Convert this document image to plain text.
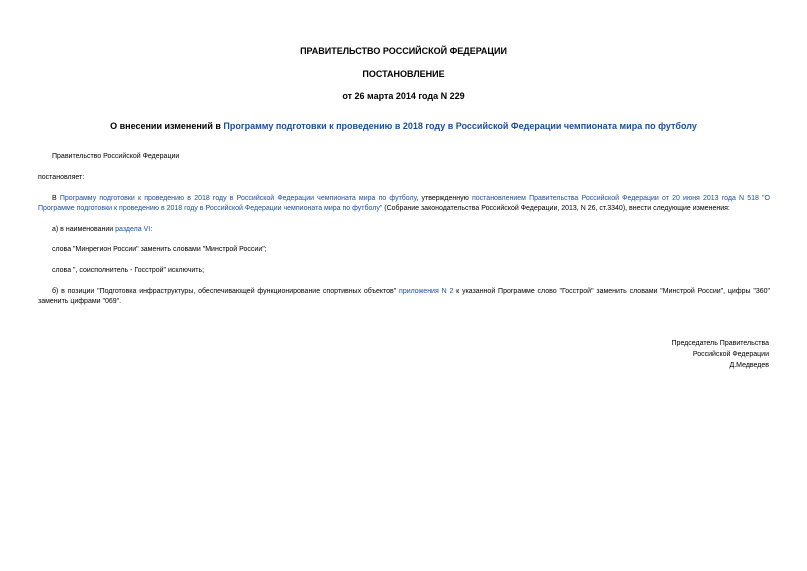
ПРАВИТЕЛЬСТВО РОССИЙСКОЙ ФЕДЕРАЦИИ
ПОСТАНОВЛЕНИЕ
от 26 марта 2014 года N 229
О внесении изменений в Программу подготовки к проведению в 2018 году в Российской Федерации чемпионата мира по футболу
Правительство Российской Федерации
постановляет:
В Программу подготовки к проведению в 2018 году в Российской Федерации чемпионата мира по футболу, утвержденную постановлением Правительства Российской Федерации от 20 июня 2013 года N 518 "О Программе подготовки к проведению в 2018 году в Российской Федерации чемпионата мира по футболу" (Собрание законодательства Российской Федерации, 2013, N 26, ст.3340), внести следующие изменения:
а) в наименовании раздела VI:
слова "Минрегион России" заменить словами "Минстрой России";
слова ", соисполнитель - Госстрой" исключить;
б) в позиции "Подготовка инфраструктуры, обеспечивающей функционирование спортивных объектов" приложения N 2 к указанной Программе слово "Госстрой" заменить словами "Минстрой России", цифры "360" заменить цифрами "069".
Председатель Правительства
Российской Федерации
Д.Медведев
